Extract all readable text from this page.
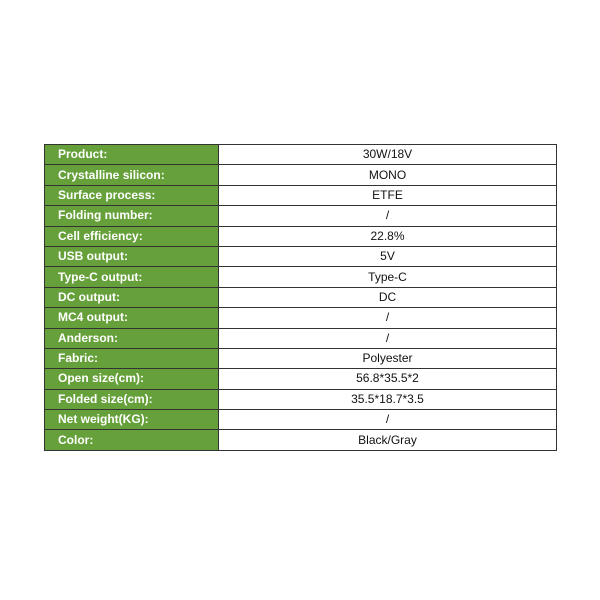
Product:	30W/18V
Crystalline silicon:	MONO
Surface process:	ETFE
Folding number:	/
Cell efficiency:	22.8%
USB output:	5V
Type-C output:	Type-C
DC output:	DC
MC4 output:	/
Anderson:	/
Fabric:	Polyester
Open size(cm):	56.8*35.5*2
Folded size(cm):	35.5*18.7*3.5
Net weight(KG):	/
Color:	Black/Gray
